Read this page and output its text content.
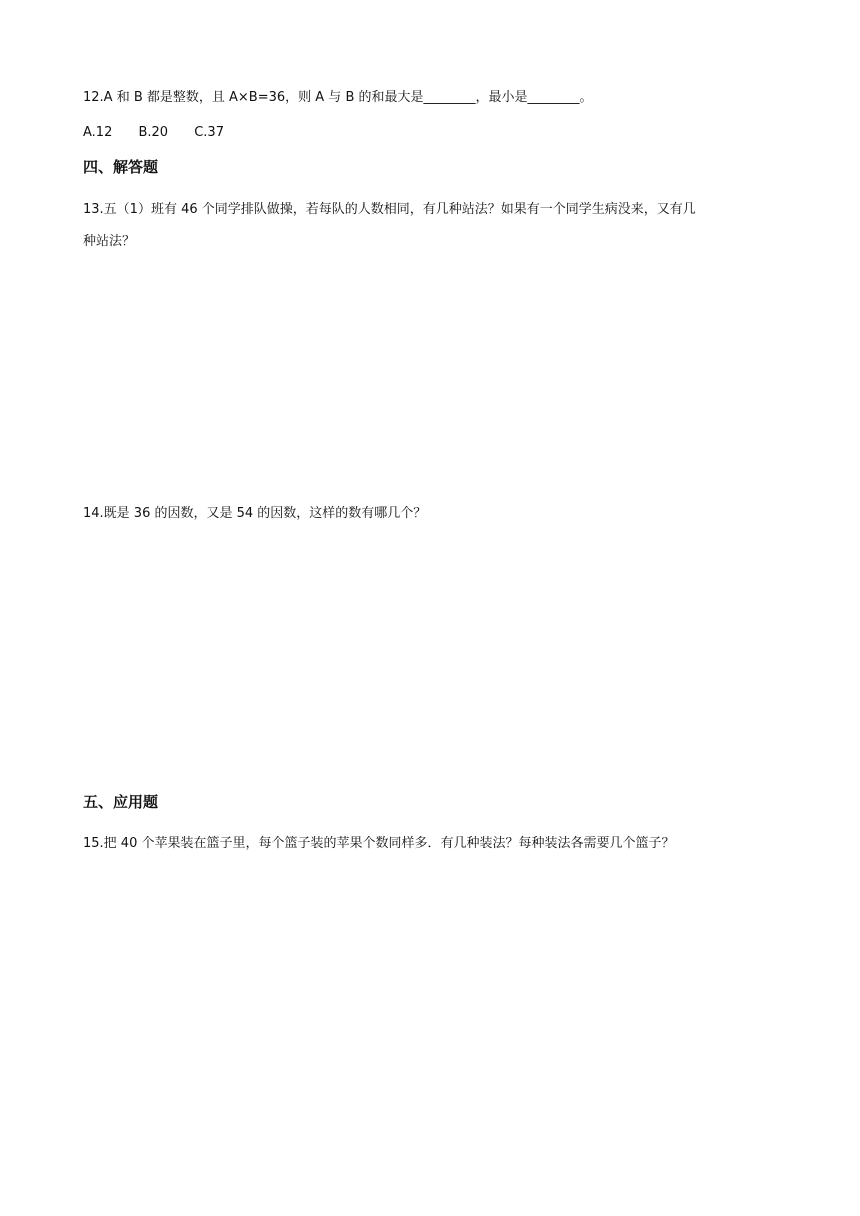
12.A 和 B 都是整数，且 A×B=36，则 A 与 B 的和最大是________，最小是________。
A.12 B.20 C.37
四、解答题
13.五（1）班有 46 个同学排队做操，若每队的人数相同，有几种站法？如果有一个同学生病没来，又有几
种站法？
14.既是 36 的因数，又是 54 的因数，这样的数有哪几个？
五、应用题
15.把 40 个苹果装在篮子里，每个篮子装的苹果个数同样多．有几种装法？每种装法各需要几个篮子？
